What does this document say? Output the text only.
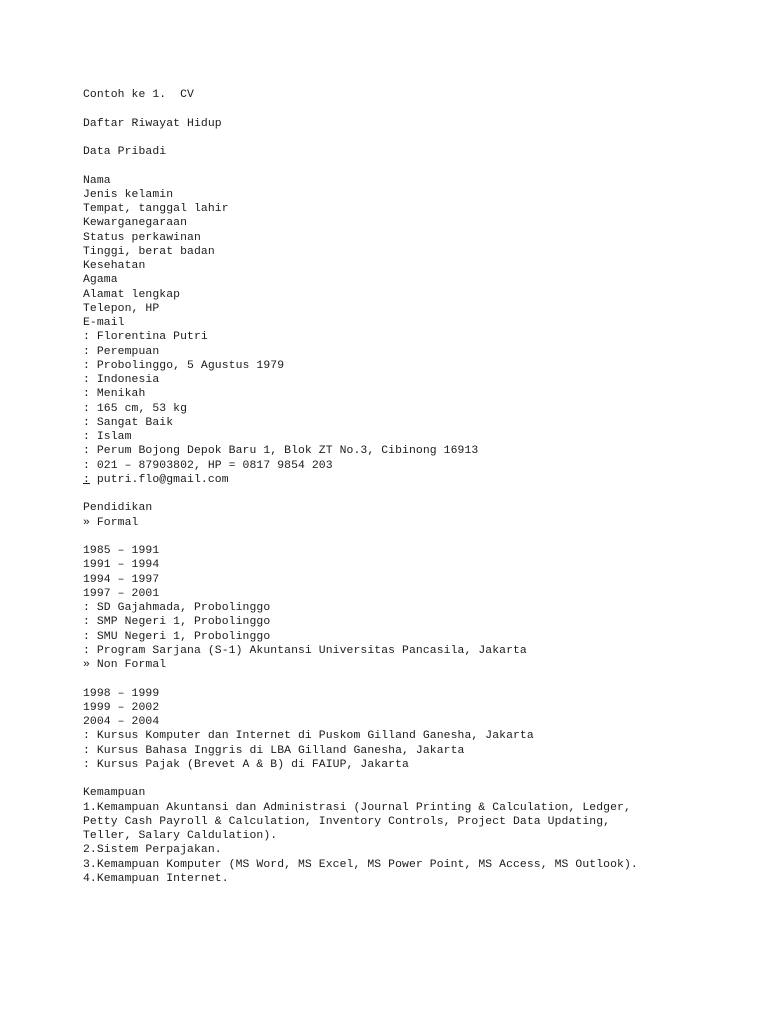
Contoh ke 1.  CV
Daftar Riwayat Hidup
Data Pribadi
Nama
Jenis kelamin
Tempat, tanggal lahir
Kewarganegaraan
Status perkawinan
Tinggi, berat badan
Kesehatan
Agama
Alamat lengkap
Telepon, HP
E-mail
: Florentina Putri
: Perempuan
: Probolinggo, 5 Agustus 1979
: Indonesia
: Menikah
: 165 cm, 53 kg
: Sangat Baik
: Islam
: Perum Bojong Depok Baru 1, Blok ZT No.3, Cibinong 16913
: 021 – 87903802, HP = 0817 9854 203
: putri.flo@gmail.com
Pendidikan
» Formal
1985 – 1991
1991 – 1994
1994 – 1997
1997 – 2001
: SD Gajahmada, Probolinggo
: SMP Negeri 1, Probolinggo
: SMU Negeri 1, Probolinggo
: Program Sarjana (S-1) Akuntansi Universitas Pancasila, Jakarta
» Non Formal
1998 – 1999
1999 – 2002
2004 – 2004
: Kursus Komputer dan Internet di Puskom Gilland Ganesha, Jakarta
: Kursus Bahasa Inggris di LBA Gilland Ganesha, Jakarta
: Kursus Pajak (Brevet A & B) di FAIUP, Jakarta
Kemampuan
1.Kemampuan Akuntansi dan Administrasi (Journal Printing & Calculation, Ledger,
Petty Cash Payroll & Calculation, Inventory Controls, Project Data Updating,
Teller, Salary Caldulation).
2.Sistem Perpajakan.
3.Kemampuan Komputer (MS Word, MS Excel, MS Power Point, MS Access, MS Outlook).
4.Kemampuan Internet.
